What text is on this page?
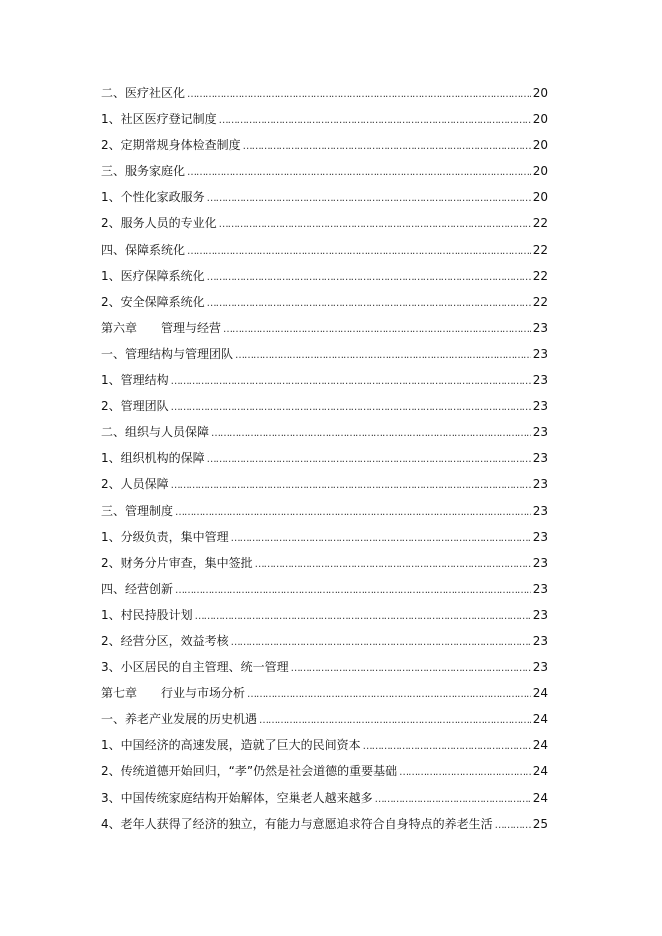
二、医疗社区化 …………………………………………………………………………………………………………………………………………………………………………………………	20
1、社区医疗登记制度 …………………………………………………………………………………………………………………………………………………………………………………………	20
2、定期常规身体检查制度 …………………………………………………………………………………………………………………………………………………………………………………………	20
三、服务家庭化 …………………………………………………………………………………………………………………………………………………………………………………………	20
1、个性化家政服务 …………………………………………………………………………………………………………………………………………………………………………………………	20
2、服务人员的专业化 …………………………………………………………………………………………………………………………………………………………………………………………	22
四、保障系统化 …………………………………………………………………………………………………………………………………………………………………………………………	22
1、医疗保障系统化 …………………………………………………………………………………………………………………………………………………………………………………………	22
2、安全保障系统化 …………………………………………………………………………………………………………………………………………………………………………………………	22
第六章　　管理与经营 …………………………………………………………………………………………………………………………………………………………………………………………	23
一、管理结构与管理团队 …………………………………………………………………………………………………………………………………………………………………………………………	23
1、管理结构 …………………………………………………………………………………………………………………………………………………………………………………………	23
2、管理团队 …………………………………………………………………………………………………………………………………………………………………………………………	23
二、组织与人员保障 …………………………………………………………………………………………………………………………………………………………………………………………	23
1、组织机构的保障 …………………………………………………………………………………………………………………………………………………………………………………………	23
2、人员保障 …………………………………………………………………………………………………………………………………………………………………………………………	23
三、管理制度 …………………………………………………………………………………………………………………………………………………………………………………………	23
1、分级负责，集中管理 …………………………………………………………………………………………………………………………………………………………………………………………	23
2、财务分片审查，集中签批 …………………………………………………………………………………………………………………………………………………………………………………………	23
四、经营创新 …………………………………………………………………………………………………………………………………………………………………………………………	23
1、村民持股计划 …………………………………………………………………………………………………………………………………………………………………………………………	23
2、经营分区，效益考核 …………………………………………………………………………………………………………………………………………………………………………………………	23
3、小区居民的自主管理、统一管理 …………………………………………………………………………………………………………………………………………………………………………………………	23
第七章　　行业与市场分析 …………………………………………………………………………………………………………………………………………………………………………………………	24
一、养老产业发展的历史机遇 …………………………………………………………………………………………………………………………………………………………………………………………	24
1、中国经济的高速发展，造就了巨大的民间资本 …………………………………………………………………………………………………………………………………………………………………………………………	24
2、传统道德开始回归，“孝”仍然是社会道德的重要基础 …………………………………………………………………………………………………………………………………………………………………………………………	24
3、中国传统家庭结构开始解体，空巢老人越来越多 …………………………………………………………………………………………………………………………………………………………………………………………	24
4、老年人获得了经济的独立，有能力与意愿追求符合自身特点的养老生活 …………………………………………………………………………………………………………………………………………………………………………………………	25
